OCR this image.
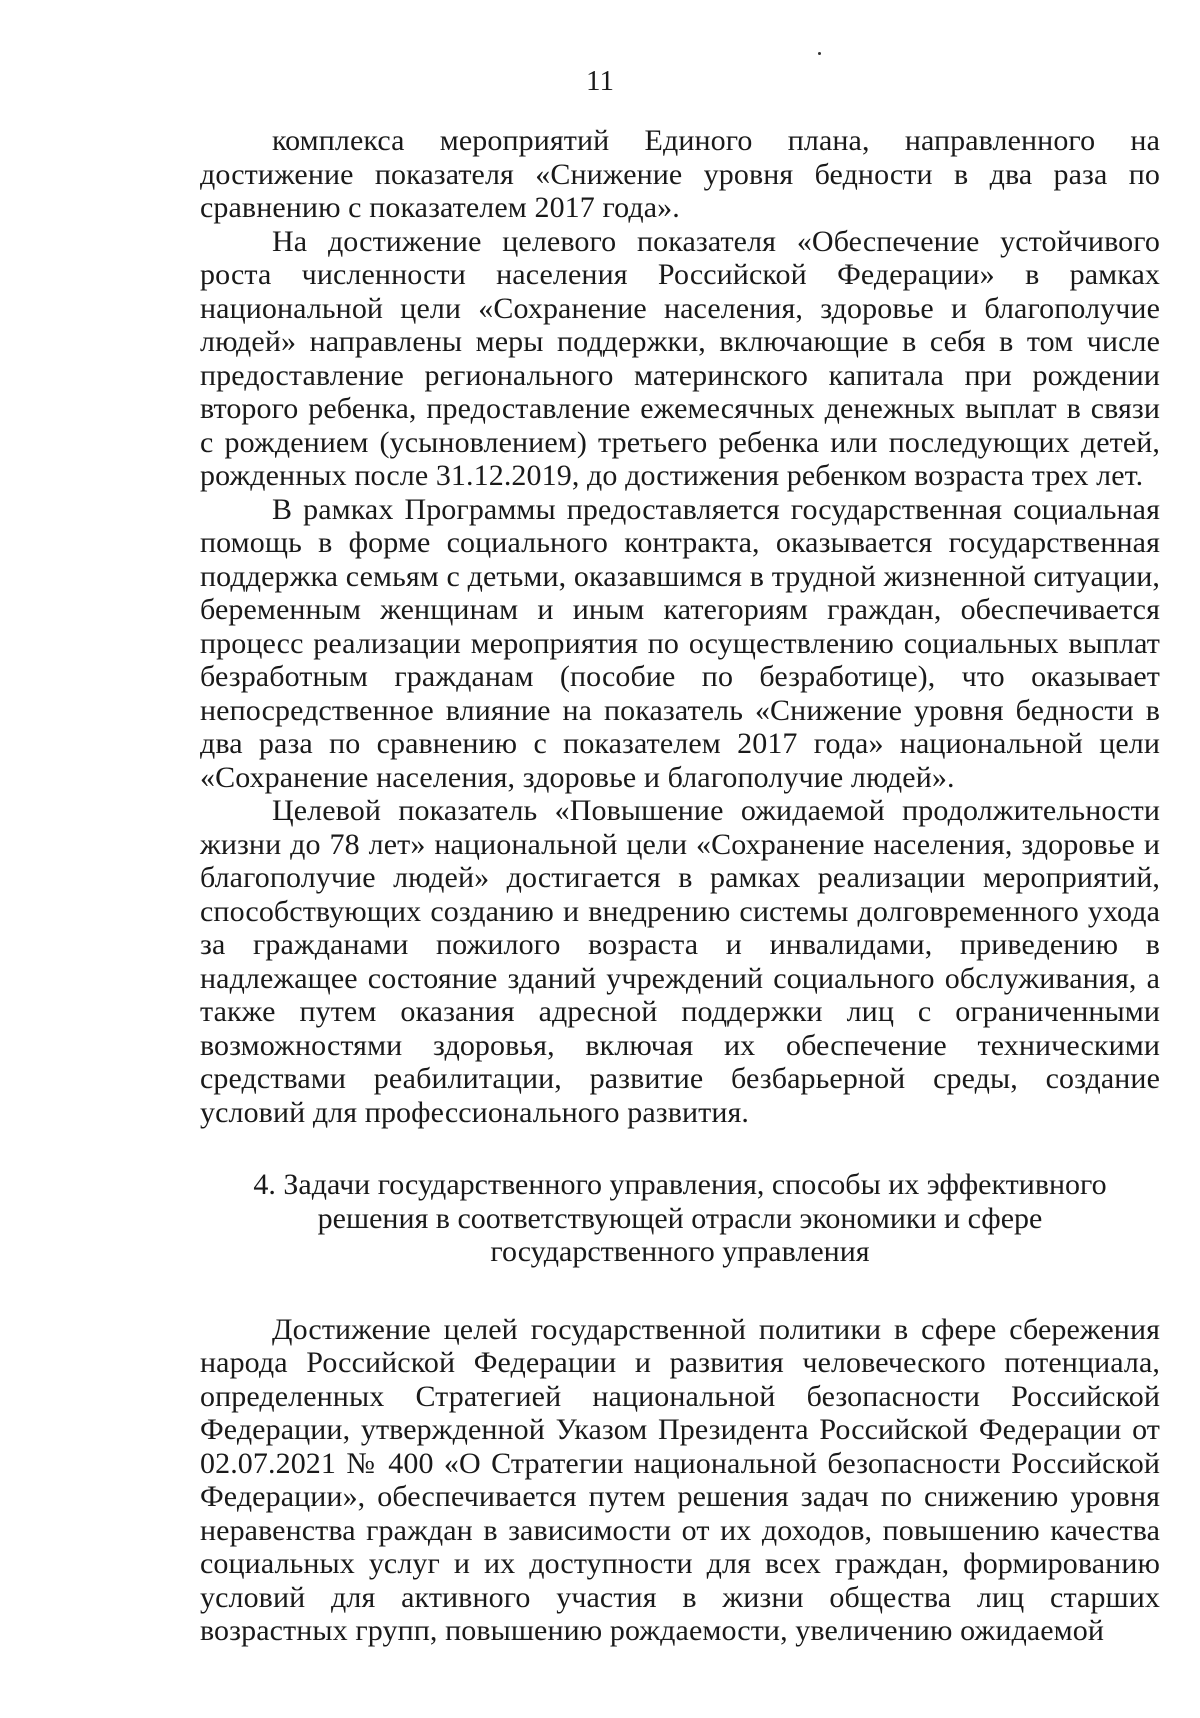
11

комплекса мероприятий Единого плана, направленного на достижение показателя «Снижение уровня бедности в два раза по сравнению с показателем 2017 года».

На достижение целевого показателя «Обеспечение устойчивого роста численности населения Российской Федерации» в рамках национальной цели «Сохранение населения, здоровье и благополучие людей» направлены меры поддержки, включающие в себя в том числе предоставление регионального материнского капитала при рождении второго ребенка, предоставление ежемесячных денежных выплат в связи с рождением (усыновлением) третьего ребенка или последующих детей, рожденных после 31.12.2019, до достижения ребенком возраста трех лет.

В рамках Программы предоставляется государственная социальная помощь в форме социального контракта, оказывается государственная поддержка семьям с детьми, оказавшимся в трудной жизненной ситуации, беременным женщинам и иным категориям граждан, обеспечивается процесс реализации мероприятия по осуществлению социальных выплат безработным гражданам (пособие по безработице), что оказывает непосредственное влияние на показатель «Снижение уровня бедности в два раза по сравнению с показателем 2017 года» национальной цели «Сохранение населения, здоровье и благополучие людей».

Целевой показатель «Повышение ожидаемой продолжительности жизни до 78 лет» национальной цели «Сохранение населения, здоровье и благополучие людей» достигается в рамках реализации мероприятий, способствующих созданию и внедрению системы долговременного ухода за гражданами пожилого возраста и инвалидами, приведению в надлежащее состояние зданий учреждений социального обслуживания, а также путем оказания адресной поддержки лиц с ограниченными возможностями здоровья, включая их обеспечение техническими средствами реабилитации, развитие безбарьерной среды, создание условий для профессионального развития.

4. Задачи государственного управления, способы их эффективного
решения в соответствующей отрасли экономики и сфере
государственного управления

Достижение целей государственной политики в сфере сбережения народа Российской Федерации и развития человеческого потенциала, определенных Стратегией национальной безопасности Российской Федерации, утвержденной Указом Президента Российской Федерации от 02.07.2021 № 400 «О Стратегии национальной безопасности Российской Федерации», обеспечивается путем решения задач по снижению уровня неравенства граждан в зависимости от их доходов, повышению качества социальных услуг и их доступности для всех граждан, формированию условий для активного участия в жизни общества лиц старших возрастных групп, повышению рождаемости, увеличению ожидаемой
